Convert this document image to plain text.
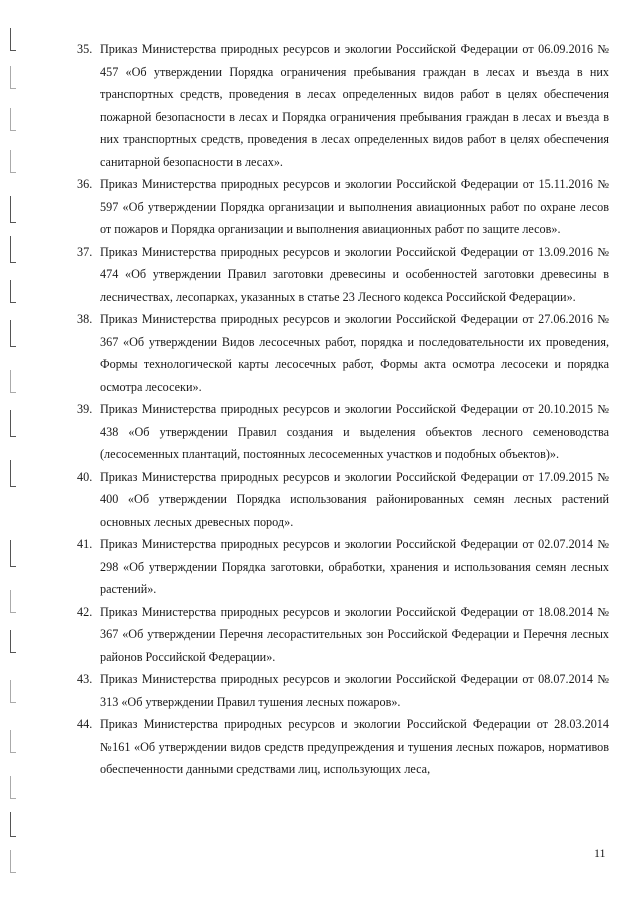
35. Приказ Министерства природных ресурсов и экологии Российской Федерации от 06.09.2016 № 457 «Об утверждении Порядка ограничения пребывания граждан в лесах и въезда в них транспортных средств, проведения в лесах определенных видов работ в целях обеспечения пожарной безопасности в лесах и Порядка ограничения пребывания граждан в лесах и въезда в них транспортных средств, проведения в лесах определенных видов работ в целях обеспечения санитарной безопасности в лесах».
36. Приказ Министерства природных ресурсов и экологии Российской Федерации от 15.11.2016 № 597 «Об утверждении Порядка организации и выполнения авиационных работ по охране лесов от пожаров и Порядка организации и выполнения авиационных работ по защите лесов».
37. Приказ Министерства природных ресурсов и экологии Российской Федерации от 13.09.2016 № 474 «Об утверждении Правил заготовки древесины и особенностей заготовки древесины в лесничествах, лесопарках, указанных в статье 23 Лесного кодекса Российской Федерации».
38. Приказ Министерства природных ресурсов и экологии Российской Федерации от 27.06.2016 № 367 «Об утверждении Видов лесосечных работ, порядка и последовательности их проведения, Формы технологической карты лесосечных работ, Формы акта осмотра лесосеки и порядка осмотра лесосеки».
39. Приказ Министерства природных ресурсов и экологии Российской Федерации от 20.10.2015 № 438 «Об утверждении Правил создания и выделения объектов лесного семеноводства (лесосеменных плантаций, постоянных лесосеменных участков и подобных объектов)».
40. Приказ Министерства природных ресурсов и экологии Российской Федерации от 17.09.2015 № 400 «Об утверждении Порядка использования районированных семян лесных растений основных лесных древесных пород».
41. Приказ Министерства природных ресурсов и экологии Российской Федерации от 02.07.2014 № 298 «Об утверждении Порядка заготовки, обработки, хранения и использования семян лесных растений».
42. Приказ Министерства природных ресурсов и экологии Российской Федерации от 18.08.2014 № 367 «Об утверждении Перечня лесорастительных зон Российской Федерации и Перечня лесных районов Российской Федерации».
43. Приказ Министерства природных ресурсов и экологии Российской Федерации от 08.07.2014 № 313 «Об утверждении Правил тушения лесных пожаров».
44. Приказ Министерства природных ресурсов и экологии Российской Федерации от 28.03.2014 №161 «Об утверждении видов средств предупреждения и тушения лесных пожаров, нормативов обеспеченности данными средствами лиц, использующих леса,
11
